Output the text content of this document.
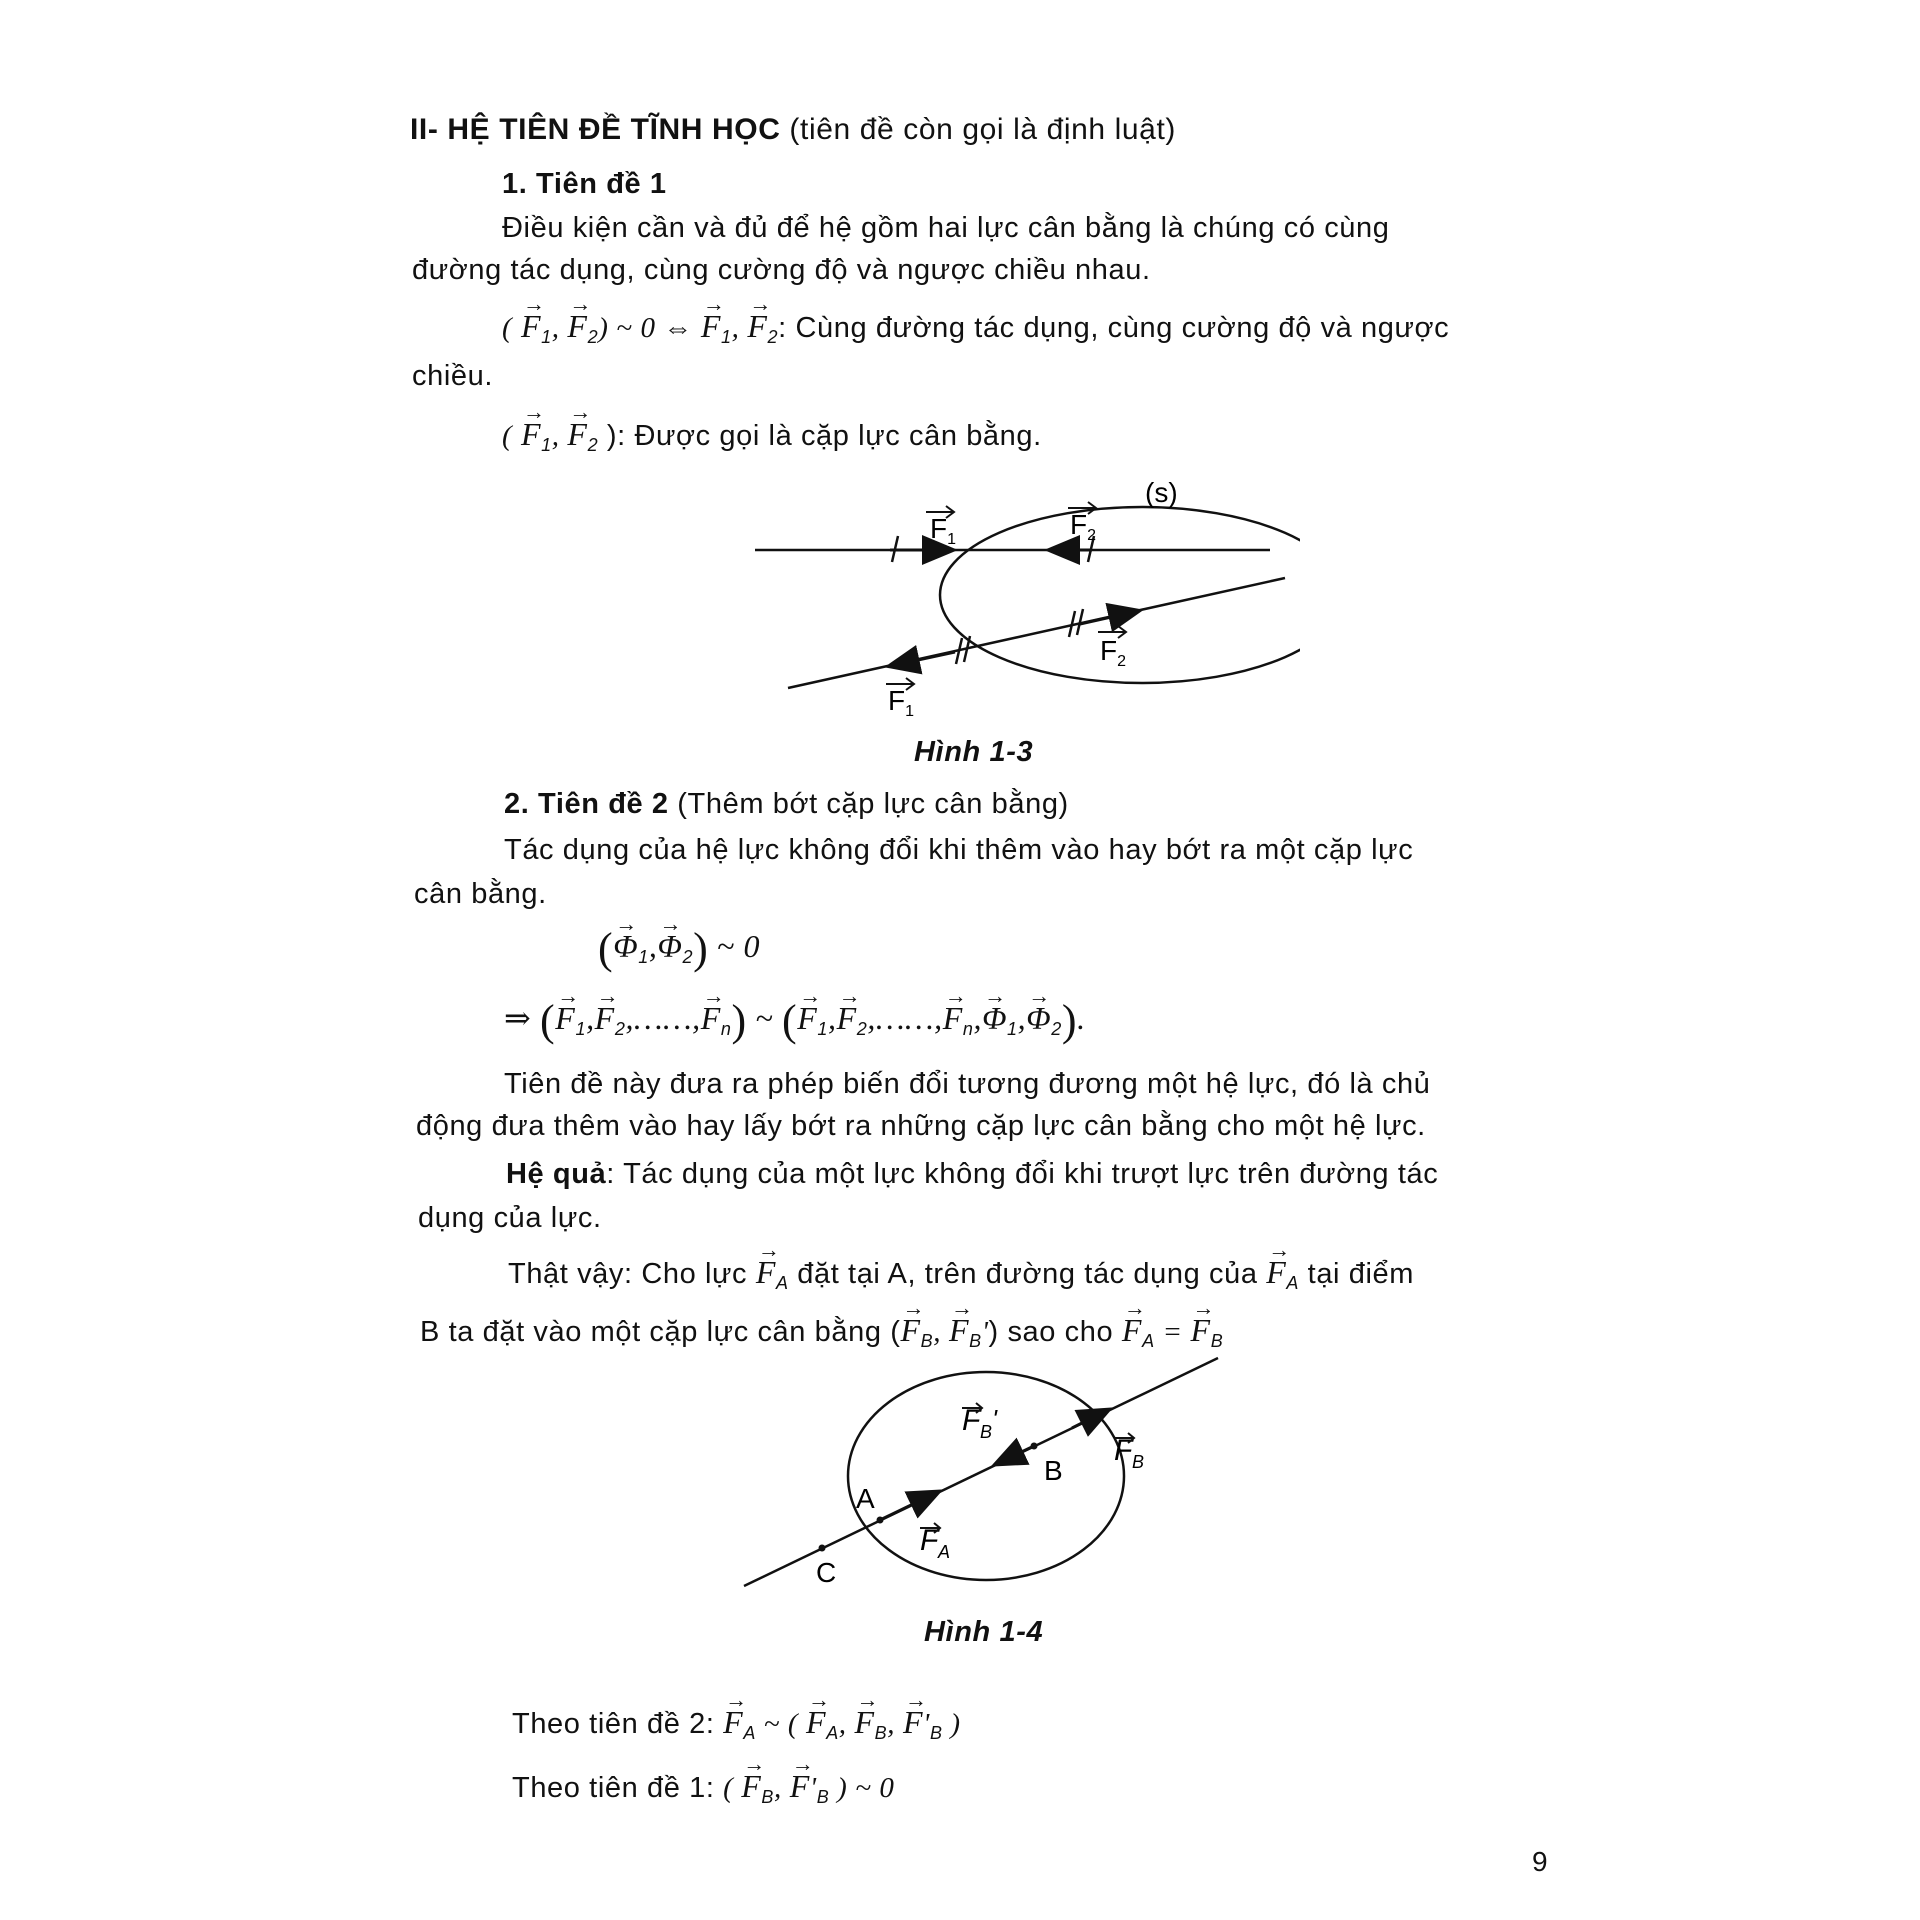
II- HỆ TIÊN ĐỀ TĨNH HỌC (tiên đề còn gọi là định luật)
1. Tiên đề 1
Điều kiện cần và đủ để hệ gồm hai lực cân bằng là chúng có cùng
đường tác dụng, cùng cường độ và ngược chiều nhau.
( → $F_1$, → $F_2$) ~ 0 ⇔ → $F_1$, → $F_2$: Cùng đường tác dụng, cùng cường độ và ngược
chiều.
( → $F_1$, → $F_2$ ): Được gọi là cặp lực cân bằng.
(s)
$F_1$	$F_2$
$F_2$
$F_1$
Hình 1-3
2. Tiên đề 2 (Thêm bớt cặp lực cân bằng)
Tác dụng của hệ lực không đổi khi thêm vào hay bớt ra một cặp lực
cân bằng.
(→ $\Phi_1,\to \Phi_2$) ~ 0
⇒ (→ $F_1,\to$ $F_2,\dots\dots,\to F_n$) ~ (→ $F_1,\to$ $F_2,\dots\dots,\to F_n,\to \Phi_1,\to \Phi_2$).
Tiên đề này đưa ra phép biến đổi tương đương một hệ lực, đó là chủ
động đưa thêm vào hay lấy bớt ra những cặp lực cân bằng cho một hệ lực.
Hệ quả: Tác dụng của một lực không đổi khi trượt lực trên đường tác
dụng của lực.
Thật vậy: Cho lực → $F_A$ đặt tại A, trên đường tác dụng của → $F_A$ tại điểm
B ta đặt vào một cặp lực cân bằng (→ $F_B$, → $F_B'$) sao cho → $F_A$ = → $F_B$
A
B
C
F A
F B '
F B
Hình 1-4
Theo tiên đề 2: → $F_A$ ~ ( → $F_A$, → $F_B$, → $F'_B$ )
Theo tiên đề 1: ( → $F_B$, → $F'_B$ ) ~ 0
9
